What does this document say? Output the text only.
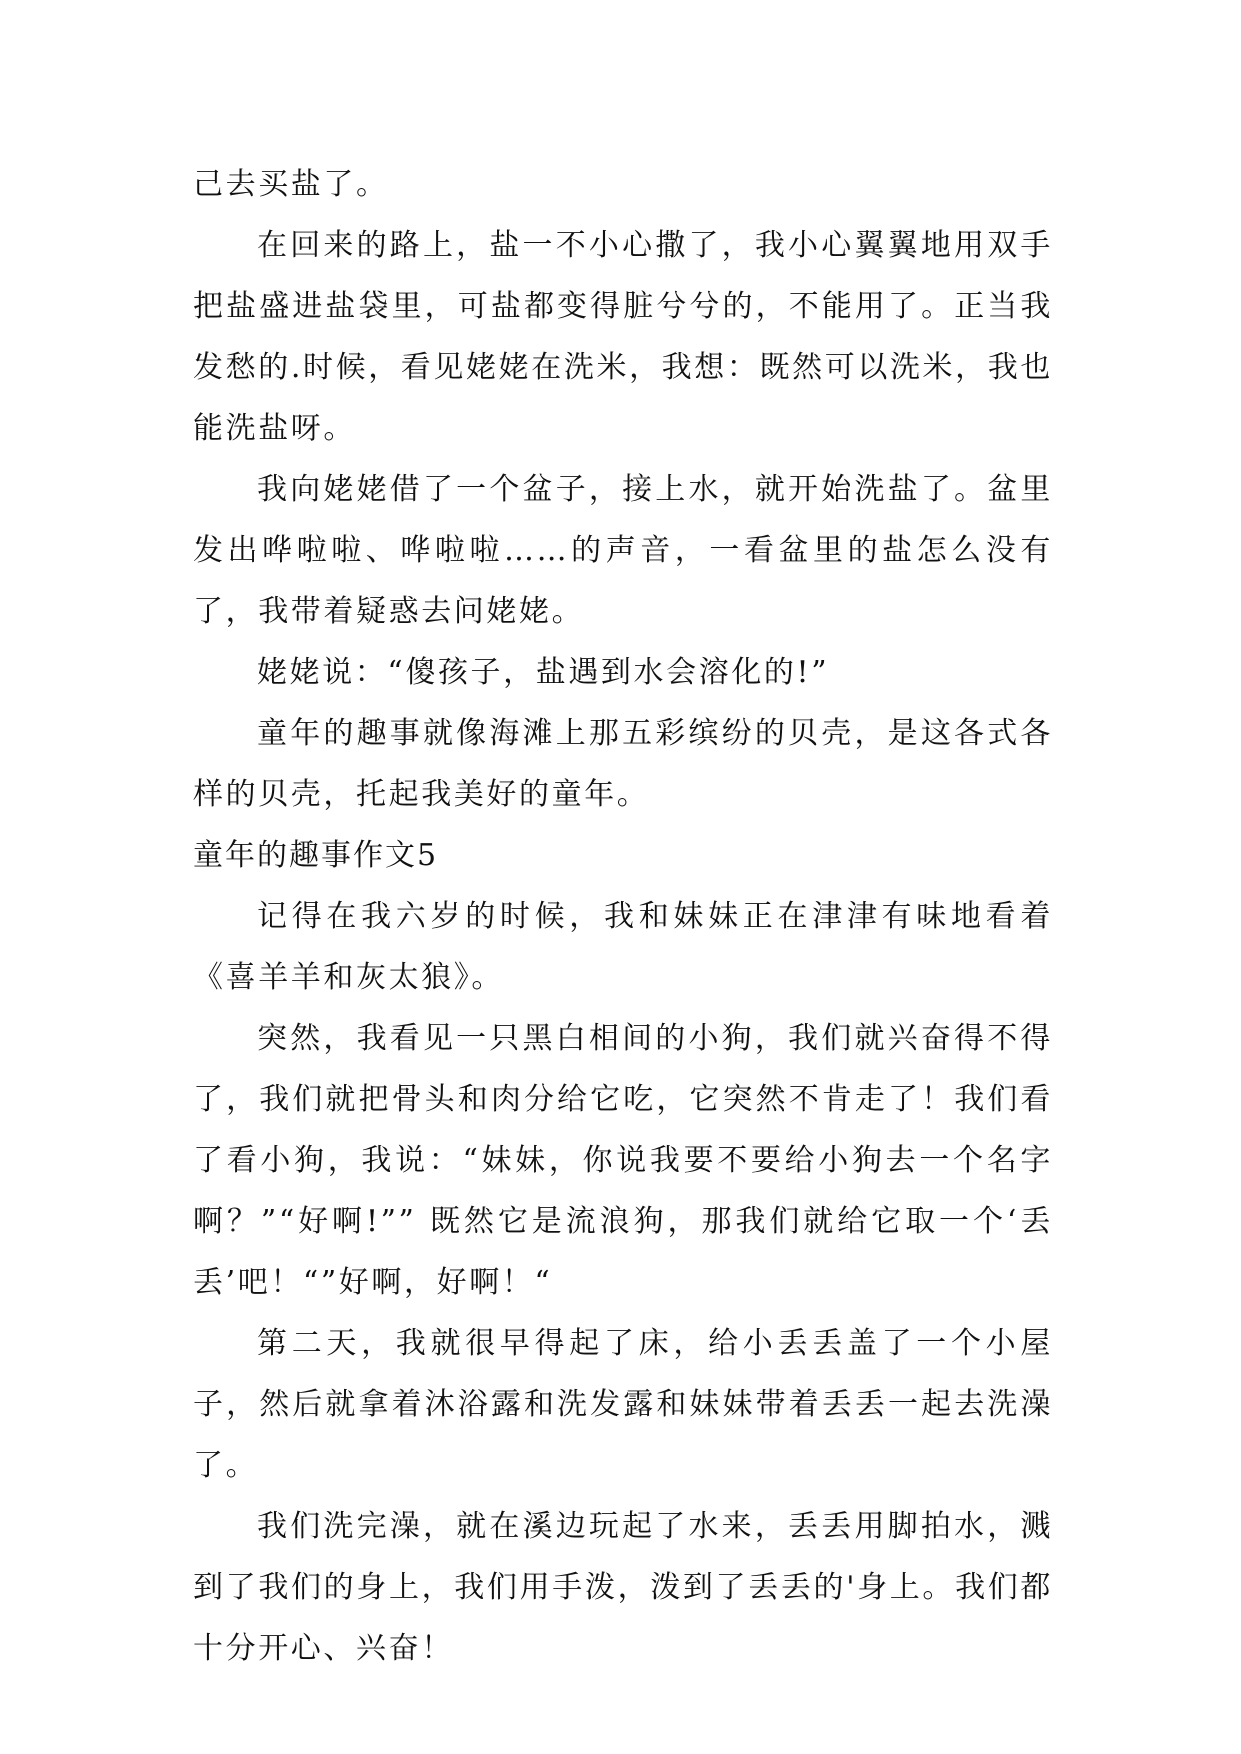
己去买盐了。

在回来的路上，盐一不小心撒了，我小心翼翼地用双手把盐盛进盐袋里，可盐都变得脏兮兮的，不能用了。正当我发愁的.时候，看见姥姥在洗米，我想：既然可以洗米，我也能洗盐呀。

我向姥姥借了一个盆子，接上水，就开始洗盐了。盆里发出哗啦啦、哗啦啦……的声音，一看盆里的盐怎么没有了，我带着疑惑去问姥姥。

姥姥说：“傻孩子，盐遇到水会溶化的!”

童年的趣事就像海滩上那五彩缤纷的贝壳，是这各式各样的贝壳，托起我美好的童年。

童年的趣事作文5

记得在我六岁的时候，我和妹妹正在津津有味地看着《喜羊羊和灰太狼》。

突然，我看见一只黑白相间的小狗，我们就兴奋得不得了，我们就把骨头和肉分给它吃，它突然不肯走了！我们看了看小狗，我说：“妹妹，你说我要不要给小狗去一个名字啊？”“好啊!”” 既然它是流浪狗，那我们就给它取一个‘丢丢’吧！“”好啊，好啊！“

第二天，我就很早得起了床，给小丢丢盖了一个小屋子，然后就拿着沐浴露和洗发露和妹妹带着丢丢一起去洗澡了。

我们洗完澡，就在溪边玩起了水来，丢丢用脚拍水，溅到了我们的身上，我们用手泼，泼到了丢丢的'身上。我们都十分开心、兴奋！
